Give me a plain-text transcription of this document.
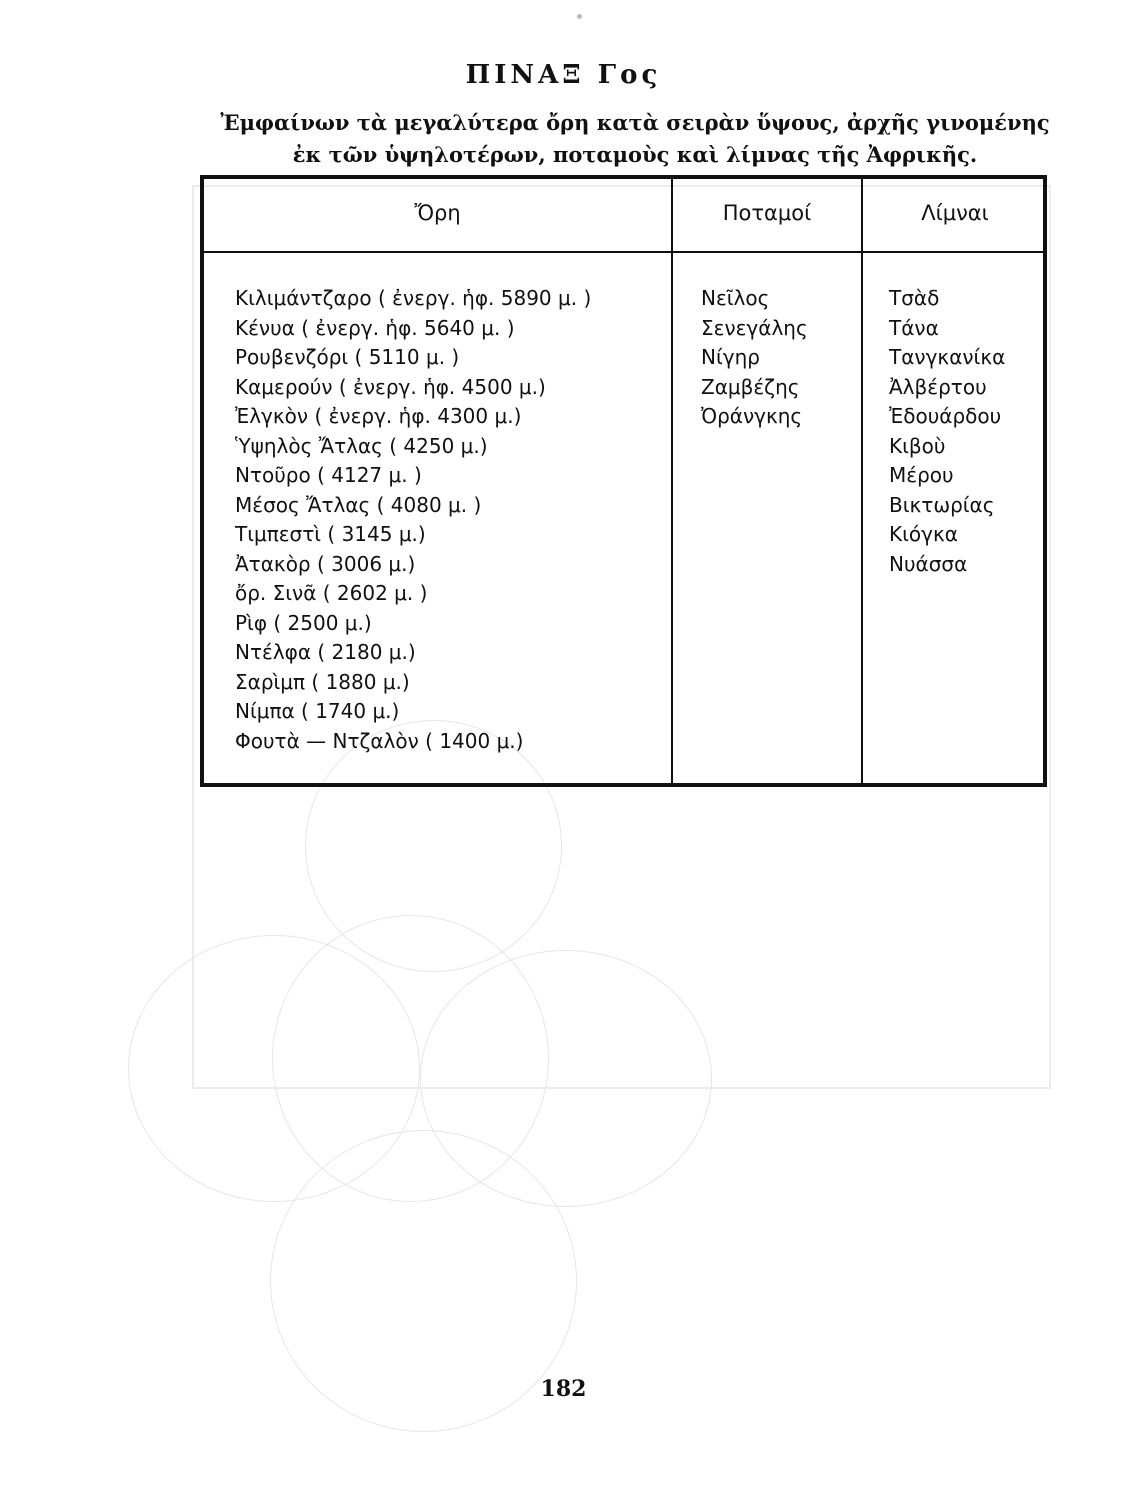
ΠΙΝΑΞ Γος
Ἐμφαίνων τὰ μεγαλύτερα ὄρη κατὰ σειρὰν ὕψους, ἀρχῆς γινομένης ἐκ τῶν ὑψηλοτέρων, ποταμοὺς καὶ λίμνας τῆς Ἀφρικῆς.
Ὄρη	Ποταμοί	Λίμναι
Κιλιμάντζαρο ( ἐνεργ. ἡφ. 5890 μ. )
Κένυα ( ἐνεργ. ἡφ. 5640 μ. )
Ρουβενζόρι ( 5110 μ. )
Καμερούν ( ἐνεργ. ἡφ. 4500 μ.)
Ἐλγκὸν ( ἐνεργ. ἡφ. 4300 μ.)
Ὑψηλὸς Ἄτλας ( 4250 μ.)
Ντοῦρο ( 4127 μ. )
Μέσος Ἄτλας ( 4080 μ. )
Τιμπεστὶ ( 3145 μ.)
Ἀτακὸρ ( 3006 μ.)
ὄρ. Σινᾶ ( 2602 μ. )
Ρὶφ ( 2500 μ.)
Ντέλφα ( 2180 μ.)
Σαρὶμπ ( 1880 μ.)
Νίμπα ( 1740 μ.)
Φουτὰ — Ντζαλὸν ( 1400 μ.)
Νεῖλος
Σενεγάλης
Νίγηρ
Ζαμβέζης
Ὀράνγκης
Τσὰδ
Τάνα
Τανγκανίκα
Ἀλβέρτου
Ἐδουάρδου
Κιβοὺ
Μέρου
Βικτωρίας
Κιόγκα
Νυάσσα
182
